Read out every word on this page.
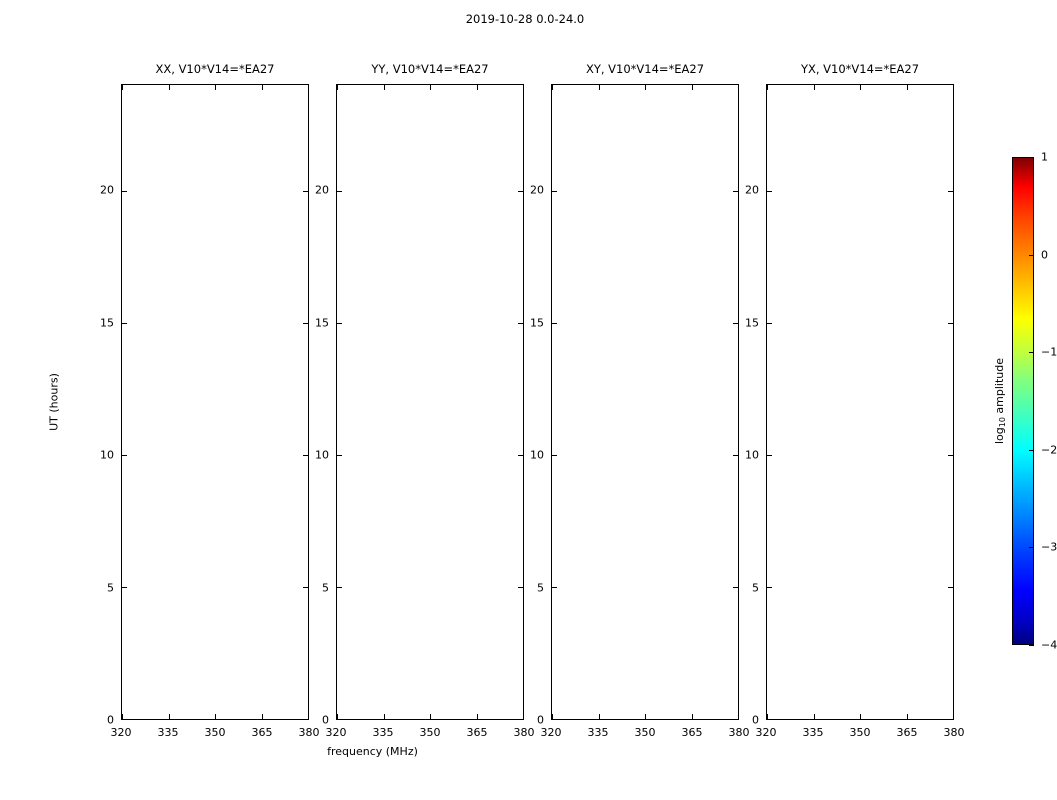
2019-10-28 0.0-24.0
XX, V10*V14=*EA27
0
5
10
15
20
320 335 350 365 380
YY, V10*V14=*EA27
0
5
10
15
20
320 335 350 365 380
XY, V10*V14=*EA27
0
5
10
15
20
320 335 350 365 380
YX, V10*V14=*EA27
0
5
10
15
20
320 335 350 365 380
frequency (MHz)
UT (hours)
−4
−3
−2
−1
0
1
$\log_{10}$ amplitude
